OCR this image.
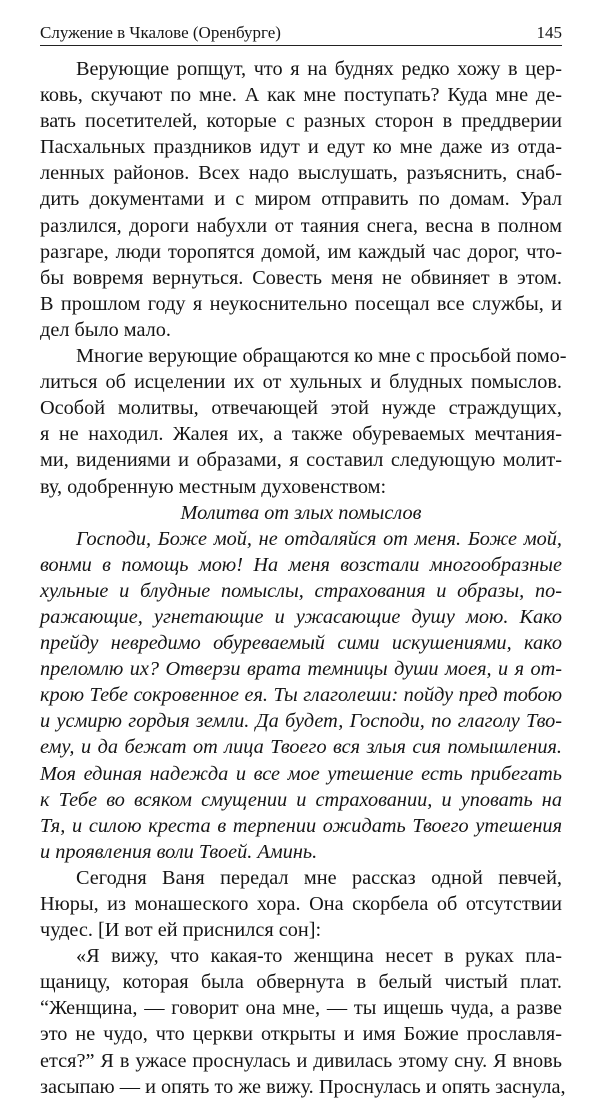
Служение в Чкалове (Оренбурге)	145
Верующие ропщут, что я на буднях редко хожу в цер-
ковь, скучают по мне. А как мне поступать? Куда мне де-
вать посетителей, которые с разных сторон в преддверии
Пасхальных праздников идут и едут ко мне даже из отда-
ленных районов. Всех надо выслушать, разъяснить, снаб-
дить документами и с миром отправить по домам. Урал
разлился, дороги набухли от таяния снега, весна в полном
разгаре, люди торопятся домой, им каждый час дорог, что-
бы вовремя вернуться. Совесть меня не обвиняет в этом.
В прошлом году я неукоснительно посещал все службы, и
дел было мало.
Многие верующие обращаются ко мне с просьбой помо-
литься об исцелении их от хульных и блудных помыслов.
Особой молитвы, отвечающей этой нужде страждущих,
я не находил. Жалея их, а также обуреваемых мечтания-
ми, видениями и образами, я составил следующую молит-
ву, одобренную местным духовенством:
Молитва от злых помыслов
Господи, Боже мой, не отдаляйся от меня. Боже мой,
вонми в помощь мою! На меня возстали многообразные
хульные и блудные помыслы, страхования и образы, по-
ражающие, угнетающие и ужасающие душу мою. Како
прейду невредимо обуреваемый сими искушениями, како
преломлю их? Отверзи врата темницы души моея, и я от-
крою Тебе сокровенное ея. Ты глаголеши: пойду пред тобою
и усмирю гордыя земли. Да будет, Господи, по глаголу Тво-
ему, и да бежат от лица Твоего вся злыя сия помышления.
Моя единая надежда и все мое утешение есть прибегать
к Тебе во всяком смущении и страховании, и уповать на
Тя, и силою креста в терпении ожидать Твоего утешения
и проявления воли Твоей. Аминь.
Сегодня Ваня передал мне рассказ одной певчей,
Нюры, из монашеского хора. Она скорбела об отсутствии
чудес. [И вот ей приснился сон]:
«Я вижу, что какая-то женщина несет в руках пла-
щаницу, которая была обвернута в белый чистый плат.
“Женщина, — говорит она мне, — ты ищешь чуда, а разве
это не чудо, что церкви открыты и имя Божие прославля-
ется?” Я в ужасе проснулась и дивилась этому сну. Я вновь
засыпаю — и опять то же вижу. Проснулась и опять заснула,
